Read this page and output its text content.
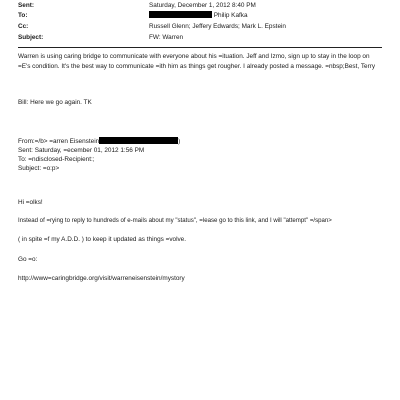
Sent:	Saturday, December 1, 2012 8:40 PM
To:	Philip Kafka
Cc:	Russell Glenn; Jeffery Edwards; Mark L. Epstein
Subject:	FW: Warren
Warren is using caring bridge to communicate with everyone about his =ituation. Jeff and Izmo, sign up to stay in the loop on =E's condition. It's the best way to communicate =ith him as things get rougher. I already posted a message. =nbsp;Best, Terry
Bill: Here we go again. TK
From:=/b> =arren Eisenstein	)
Sent: Saturday, =ecember 01, 2012 1:56 PM
To: =ndisclosed-Recipient:;
Subject: =o:p>
Hi =olks!
Instead of =rying to reply to hundreds of e-mails about my "status", =lease go to this link, and I will "attempt" =/span>
( in spite =f my A.D.D. ) to keep it updated as things =volve.
Go =o:
http://www=caringbridge.org/visit/warreneisenstein/mystory
